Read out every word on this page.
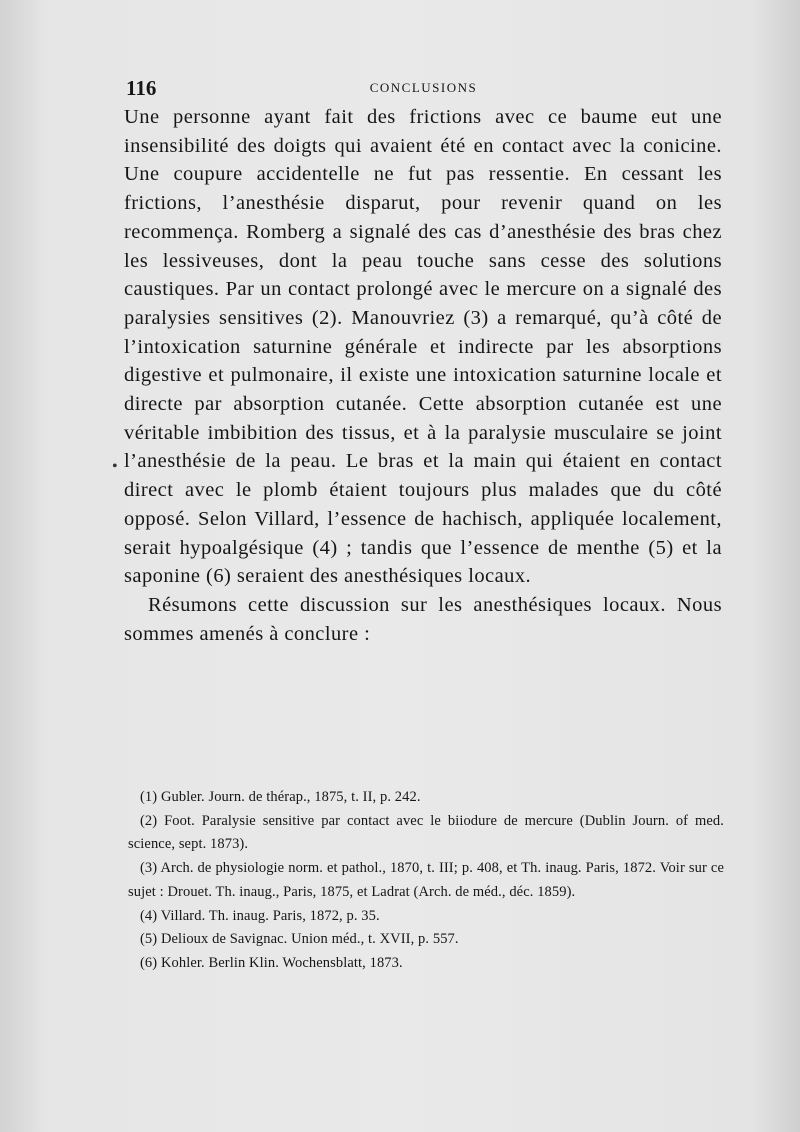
116	CONCLUSIONS
•

Une personne ayant fait des frictions avec ce baume eut une insensibilité des doigts qui avaient été en contact avec la conicine. Une coupure accidentelle ne fut pas ressentie. En cessant les frictions, l’anesthésie disparut, pour revenir quand on les recommença. Romberg a signalé des cas d’anesthésie des bras chez les lessiveuses, dont la peau touche sans cesse des solutions caustiques. Par un contact prolongé avec le mercure on a signalé des paralysies sensitives (2). Manouvriez (3) a remarqué, qu’à côté de l’intoxication saturnine générale et indirecte par les absorptions digestive et pulmonaire, il existe une intoxication saturnine locale et directe par absorption cutanée. Cette absorption cutanée est une véritable imbibition des tissus, et à la paralysie musculaire se joint l’anesthésie de la peau. Le bras et la main qui étaient en contact direct avec le plomb étaient toujours plus malades que du côté opposé. Selon Villard, l’essence de hachisch, appliquée localement, serait hypoalgésique (4) ; tandis que l’essence de menthe (5) et la saponine (6) seraient des anesthésiques locaux.

Résumons cette discussion sur les anesthésiques locaux. Nous sommes amenés à conclure :

(1) Gubler. Journ. de thérap., 1875, t. II, p. 242.

(2) Foot. Paralysie sensitive par contact avec le biiodure de mercure (Dublin Journ. of med. science, sept. 1873).

(3) Arch. de physiologie norm. et pathol., 1870, t. III; p. 408, et Th. inaug. Paris, 1872. Voir sur ce sujet : Drouet. Th. inaug., Paris, 1875, et Ladrat (Arch. de méd., déc. 1859).

(4) Villard. Th. inaug. Paris, 1872, p. 35.

(5) Delioux de Savignac. Union méd., t. XVII, p. 557.

(6) Kohler. Berlin Klin. Wochensblatt, 1873.
